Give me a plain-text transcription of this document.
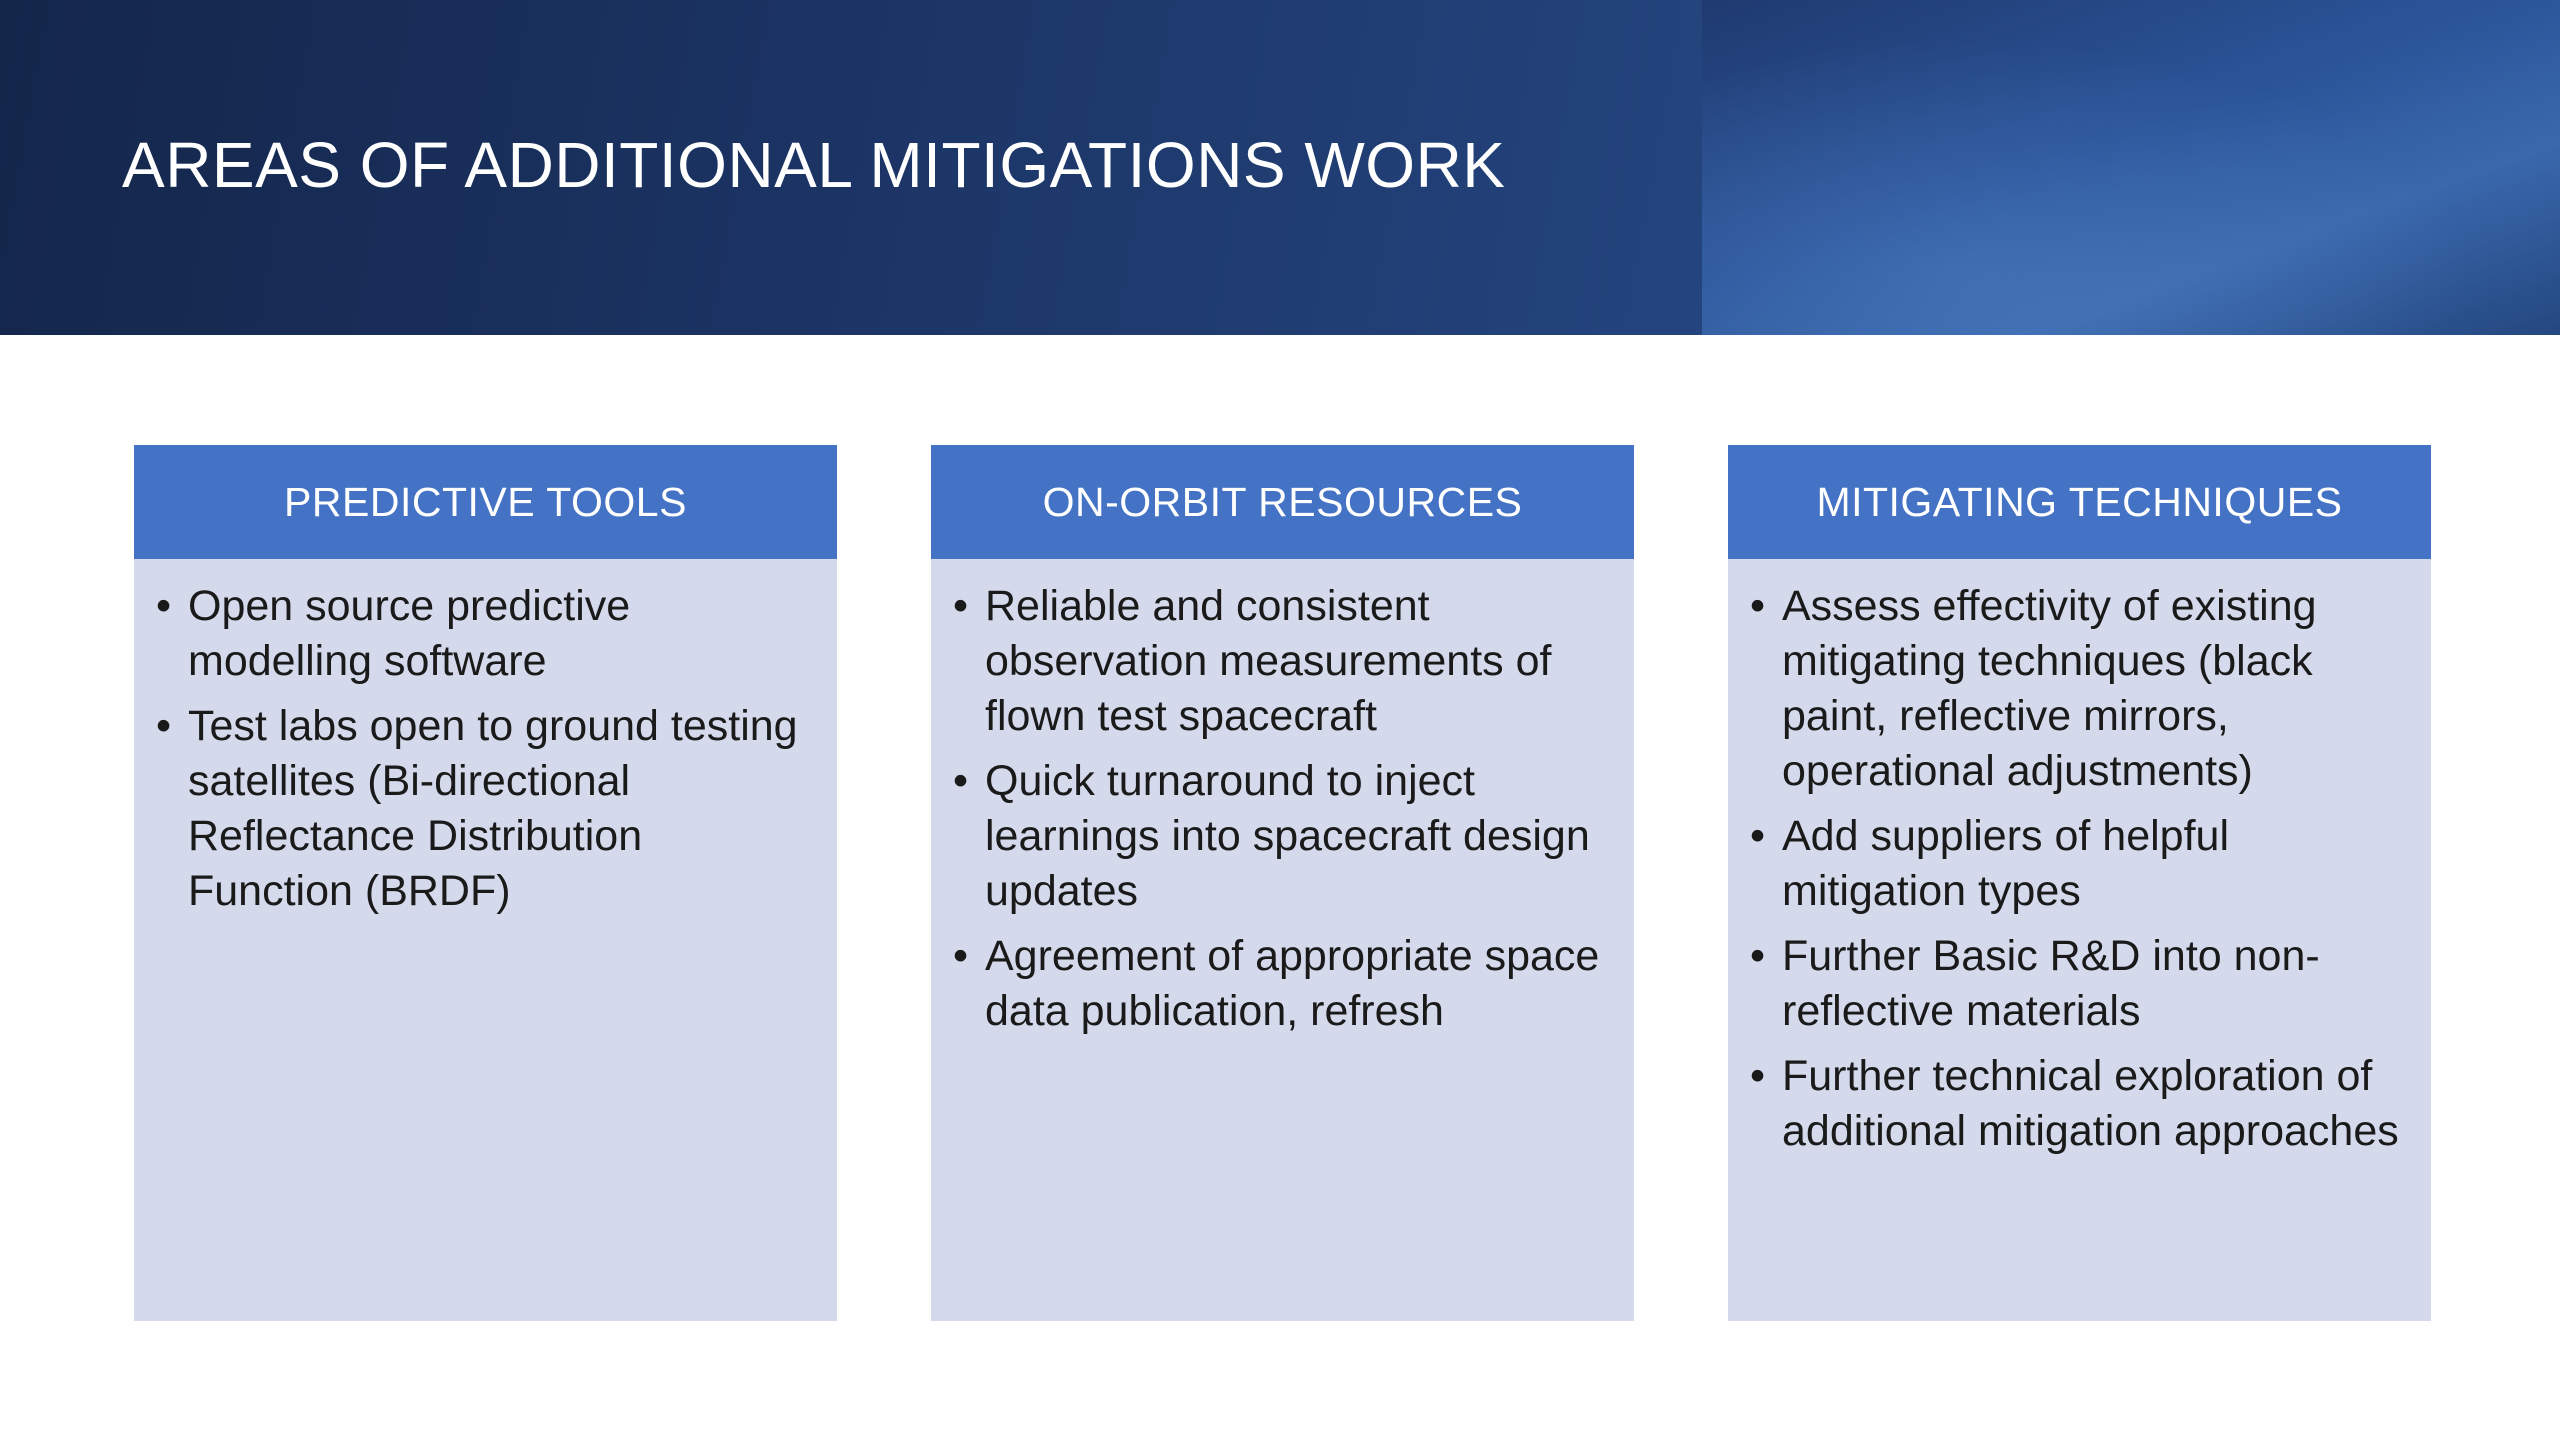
AREAS OF ADDITIONAL MITIGATIONS WORK
PREDICTIVE TOOLS
• Open source predictive modelling software
• Test labs open to ground testing satellites (Bi-directional Reflectance Distribution Function (BRDF)
ON-ORBIT RESOURCES
• Reliable and consistent observation measurements of flown test spacecraft
• Quick turnaround to inject learnings into spacecraft design updates
• Agreement of appropriate space data publication, refresh
MITIGATING TECHNIQUES
• Assess effectivity of existing mitigating techniques (black paint, reflective mirrors, operational adjustments)
• Add suppliers of helpful mitigation types
• Further Basic R&D into non-reflective materials
• Further technical exploration of additional mitigation approaches
